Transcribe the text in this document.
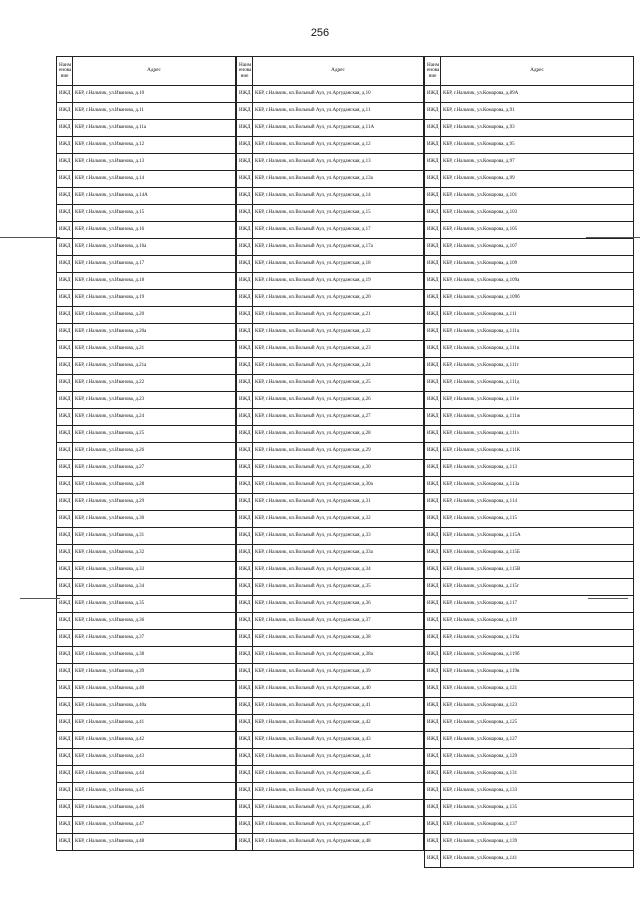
256
Наим енова ние	Адрес
ИЖД	КБР, г.Нальчик, ул.Иванова, д.10
ИЖД	КБР, г.Нальчик, ул.Иванова, д.11
ИЖД	КБР, г.Нальчик, ул.Иванова, д.11а
ИЖД	КБР, г.Нальчик, ул.Иванова, д.12
ИЖД	КБР, г.Нальчик, ул.Иванова, д.13
ИЖД	КБР, г.Нальчик, ул.Иванова, д.14
ИЖД	КБР, г.Нальчик, ул.Иванова, д.14А
ИЖД	КБР, г.Нальчик, ул.Иванова, д.15
ИЖД	КБР, г.Нальчик, ул.Иванова, д.16
ИЖД	КБР, г.Нальчик, ул.Иванова, д.16а
ИЖД	КБР, г.Нальчик, ул.Иванова, д.17
ИЖД	КБР, г.Нальчик, ул.Иванова, д.18
ИЖД	КБР, г.Нальчик, ул.Иванова, д.19
ИЖД	КБР, г.Нальчик, ул.Иванова, д.20
ИЖД	КБР, г.Нальчик, ул.Иванова, д.20а
ИЖД	КБР, г.Нальчик, ул.Иванова, д.21
ИЖД	КБР, г.Нальчик, ул.Иванова, д.21а
ИЖД	КБР, г.Нальчик, ул.Иванова, д.22
ИЖД	КБР, г.Нальчик, ул.Иванова, д.23
ИЖД	КБР, г.Нальчик, ул.Иванова, д.24
ИЖД	КБР, г.Нальчик, ул.Иванова, д.25
ИЖД	КБР, г.Нальчик, ул.Иванова, д.26
ИЖД	КБР, г.Нальчик, ул.Иванова, д.27
ИЖД	КБР, г.Нальчик, ул.Иванова, д.28
ИЖД	КБР, г.Нальчик, ул.Иванова, д.29
ИЖД	КБР, г.Нальчик, ул.Иванова, д.30
ИЖД	КБР, г.Нальчик, ул.Иванова, д.31
ИЖД	КБР, г.Нальчик, ул.Иванова, д.32
ИЖД	КБР, г.Нальчик, ул.Иванова, д.33
ИЖД	КБР, г.Нальчик, ул.Иванова, д.34
ИЖД	КБР, г.Нальчик, ул.Иванова, д.35
ИЖД	КБР, г.Нальчик, ул.Иванова, д.36
ИЖД	КБР, г.Нальчик, ул.Иванова, д.37
ИЖД	КБР, г.Нальчик, ул.Иванова, д.38
ИЖД	КБР, г.Нальчик, ул.Иванова, д.39
ИЖД	КБР, г.Нальчик, ул.Иванова, д.40
ИЖД	КБР, г.Нальчик, ул.Иванова, д.40а
ИЖД	КБР, г.Нальчик, ул.Иванова, д.41
ИЖД	КБР, г.Нальчик, ул.Иванова, д.42
ИЖД	КБР, г.Нальчик, ул.Иванова, д.43
ИЖД	КБР, г.Нальчик, ул.Иванова, д.44
ИЖД	КБР, г.Нальчик, ул.Иванова, д.45
ИЖД	КБР, г.Нальчик, ул.Иванова, д.46
ИЖД	КБР, г.Нальчик, ул.Иванова, д.47
ИЖД	КБР, г.Нальчик, ул.Иванова, д.48
Наим енова ние	Адрес
ИЖД	КБР, г.Нальчик, кп.Вольный Аул, ул.Аргуданская, д.10
ИЖД	КБР, г.Нальчик, кп.Вольный Аул, ул.Аргуданская, д.11
ИЖД	КБР, г.Нальчик, кп.Вольный Аул, ул.Аргуданская, д.11А
ИЖД	КБР, г.Нальчик, кп.Вольный Аул, ул.Аргуданская, д.12
ИЖД	КБР, г.Нальчик, кп.Вольный Аул, ул.Аргуданская, д.13
ИЖД	КБР, г.Нальчик, кп.Вольный Аул, ул.Аргуданская, д.13а
ИЖД	КБР, г.Нальчик, кп.Вольный Аул, ул.Аргуданская, д.14
ИЖД	КБР, г.Нальчик, кп.Вольный Аул, ул.Аргуданская, д.15
ИЖД	КБР, г.Нальчик, кп.Вольный Аул, ул.Аргуданская, д.17
ИЖД	КБР, г.Нальчик, кп.Вольный Аул, ул.Аргуданская, д.17а
ИЖД	КБР, г.Нальчик, кп.Вольный Аул, ул.Аргуданская, д.18
ИЖД	КБР, г.Нальчик, кп.Вольный Аул, ул.Аргуданская, д.19
ИЖД	КБР, г.Нальчик, кп.Вольный Аул, ул.Аргуданская, д.20
ИЖД	КБР, г.Нальчик, кп.Вольный Аул, ул.Аргуданская, д.21
ИЖД	КБР, г.Нальчик, кп.Вольный Аул, ул.Аргуданская, д.22
ИЖД	КБР, г.Нальчик, кп.Вольный Аул, ул.Аргуданская, д.23
ИЖД	КБР, г.Нальчик, кп.Вольный Аул, ул.Аргуданская, д.24
ИЖД	КБР, г.Нальчик, кп.Вольный Аул, ул.Аргуданская, д.25
ИЖД	КБР, г.Нальчик, кп.Вольный Аул, ул.Аргуданская, д.26
ИЖД	КБР, г.Нальчик, кп.Вольный Аул, ул.Аргуданская, д.27
ИЖД	КБР, г.Нальчик, кп.Вольный Аул, ул.Аргуданская, д.28
ИЖД	КБР, г.Нальчик, кп.Вольный Аул, ул.Аргуданская, д.29
ИЖД	КБР, г.Нальчик, кп.Вольный Аул, ул.Аргуданская, д.30
ИЖД	КБР, г.Нальчик, кп.Вольный Аул, ул.Аргуданская, д.30а
ИЖД	КБР, г.Нальчик, кп.Вольный Аул, ул.Аргуданская, д.31
ИЖД	КБР, г.Нальчик, кп.Вольный Аул, ул.Аргуданская, д.32
ИЖД	КБР, г.Нальчик, кп.Вольный Аул, ул.Аргуданская, д.33
ИЖД	КБР, г.Нальчик, кп.Вольный Аул, ул.Аргуданская, д.33а
ИЖД	КБР, г.Нальчик, кп.Вольный Аул, ул.Аргуданская, д.34
ИЖД	КБР, г.Нальчик, кп.Вольный Аул, ул.Аргуданская, д.35
ИЖД	КБР, г.Нальчик, кп.Вольный Аул, ул.Аргуданская, д.36
ИЖД	КБР, г.Нальчик, кп.Вольный Аул, ул.Аргуданская, д.37
ИЖД	КБР, г.Нальчик, кп.Вольный Аул, ул.Аргуданская, д.38
ИЖД	КБР, г.Нальчик, кп.Вольный Аул, ул.Аргуданская, д.38а
ИЖД	КБР, г.Нальчик, кп.Вольный Аул, ул.Аргуданская, д.39
ИЖД	КБР, г.Нальчик, кп.Вольный Аул, ул.Аргуданская, д.40
ИЖД	КБР, г.Нальчик, кп.Вольный Аул, ул.Аргуданская, д.41
ИЖД	КБР, г.Нальчик, кп.Вольный Аул, ул.Аргуданская, д.42
ИЖД	КБР, г.Нальчик, кп.Вольный Аул, ул.Аргуданская, д.43
ИЖД	КБР, г.Нальчик, кп.Вольный Аул, ул.Аргуданская, д.44
ИЖД	КБР, г.Нальчик, кп.Вольный Аул, ул.Аргуданская, д.45
ИЖД	КБР, г.Нальчик, кп.Вольный Аул, ул.Аргуданская, д.45а
ИЖД	КБР, г.Нальчик, кп.Вольный Аул, ул.Аргуданская, д.46
ИЖД	КБР, г.Нальчик, кп.Вольный Аул, ул.Аргуданская, д.47
ИЖД	КБР, г.Нальчик, кп.Вольный Аул, ул.Аргуданская, д.48
Наим енова ние	Адрес
ИЖД	КБР, г.Нальчик, ул.Комарова, д.89А
ИЖД	КБР, г.Нальчик, ул.Комарова, д.91
ИЖД	КБР, г.Нальчик, ул.Комарова, д.93
ИЖД	КБР, г.Нальчик, ул.Комарова, д.95
ИЖД	КБР, г.Нальчик, ул.Комарова, д.97
ИЖД	КБР, г.Нальчик, ул.Комарова, д.99
ИЖД	КБР, г.Нальчик, ул.Комарова, д.101
ИЖД	КБР, г.Нальчик, ул.Комарова, д.103
ИЖД	КБР, г.Нальчик, ул.Комарова, д.105
ИЖД	КБР, г.Нальчик, ул.Комарова, д.107
ИЖД	КБР, г.Нальчик, ул.Комарова, д.109
ИЖД	КБР, г.Нальчик, ул.Комарова, д.109а
ИЖД	КБР, г.Нальчик, ул.Комарова, д.109б
ИЖД	КБР, г.Нальчик, ул.Комарова, д.111
ИЖД	КБР, г.Нальчик, ул.Комарова, д.111а
ИЖД	КБР, г.Нальчик, ул.Комарова, д.111в
ИЖД	КБР, г.Нальчик, ул.Комарова, д.111г
ИЖД	КБР, г.Нальчик, ул.Комарова, д.111д
ИЖД	КБР, г.Нальчик, ул.Комарова, д.111е
ИЖД	КБР, г.Нальчик, ул.Комарова, д.111ж
ИЖД	КБР, г.Нальчик, ул.Комарова, д.111з
ИЖД	КБР, г.Нальчик, ул.Комарова, д.111К
ИЖД	КБР, г.Нальчик, ул.Комарова, д.113
ИЖД	КБР, г.Нальчик, ул.Комарова, д.113а
ИЖД	КБР, г.Нальчик, ул.Комарова, д.114
ИЖД	КБР, г.Нальчик, ул.Комарова, д.115
ИЖД	КБР, г.Нальчик, ул.Комарова, д.115А
ИЖД	КБР, г.Нальчик, ул.Комарова, д.115Б
ИЖД	КБР, г.Нальчик, ул.Комарова, д.115В
ИЖД	КБР, г.Нальчик, ул.Комарова, д.115г
ИЖД	КБР, г.Нальчик, ул.Комарова, д.117
ИЖД	КБР, г.Нальчик, ул.Комарова, д.119
ИЖД	КБР, г.Нальчик, ул.Комарова, д.119а
ИЖД	КБР, г.Нальчик, ул.Комарова, д.119б
ИЖД	КБР, г.Нальчик, ул.Комарова, д.119в
ИЖД	КБР, г.Нальчик, ул.Комарова, д.121
ИЖД	КБР, г.Нальчик, ул.Комарова, д.123
ИЖД	КБР, г.Нальчик, ул.Комарова, д.125
ИЖД	КБР, г.Нальчик, ул.Комарова, д.127
ИЖД	КБР, г.Нальчик, ул.Комарова, д.129
ИЖД	КБР, г.Нальчик, ул.Комарова, д.131
ИЖД	КБР, г.Нальчик, ул.Комарова, д.133
ИЖД	КБР, г.Нальчик, ул.Комарова, д.135
ИЖД	КБР, г.Нальчик, ул.Комарова, д.137
ИЖД	КБР, г.Нальчик, ул.Комарова, д.139
ИЖД	КБР, г.Нальчик, ул.Комарова, д.141
